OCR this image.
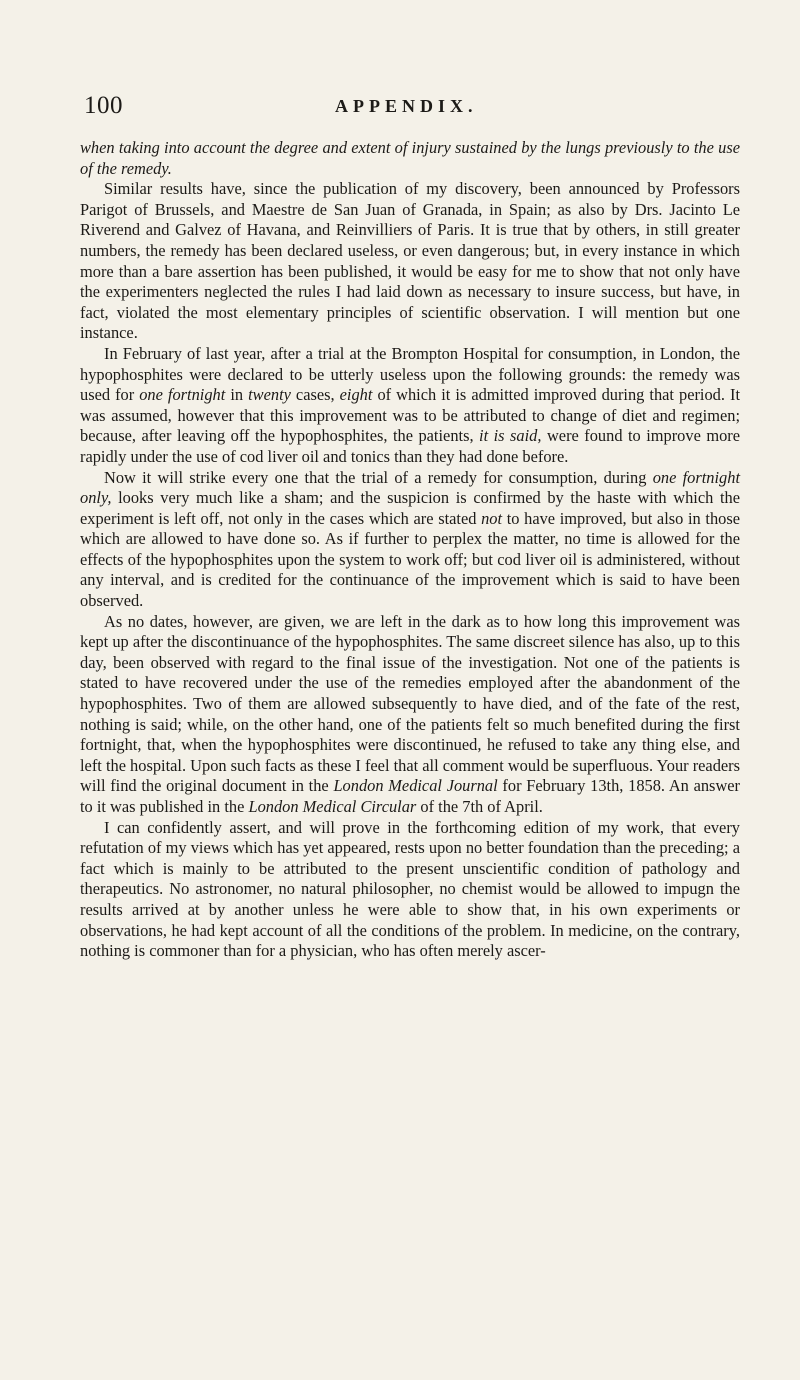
100	APPENDIX.

when taking into account the degree and extent of injury sustained by the lungs previously to the use of the remedy.

Similar results have, since the publication of my discovery, been announced by Professors Parigot of Brussels, and Maestre de San Juan of Granada, in Spain; as also by Drs. Jacinto Le Riverend and Galvez of Havana, and Reinvilliers of Paris. It is true that by others, in still greater numbers, the remedy has been declared useless, or even dangerous; but, in every instance in which more than a bare assertion has been published, it would be easy for me to show that not only have the experimenters neglected the rules I had laid down as necessary to insure success, but have, in fact, violated the most elementary principles of scientific observation. I will mention but one instance.

In February of last year, after a trial at the Brompton Hospital for consumption, in London, the hypophosphites were declared to be utterly useless upon the following grounds: the remedy was used for one fortnight in twenty cases, eight of which it is admitted improved during that period. It was assumed, however that this improvement was to be attributed to change of diet and regimen; because, after leaving off the hypophosphites, the patients, it is said, were found to improve more rapidly under the use of cod liver oil and tonics than they had done before.

Now it will strike every one that the trial of a remedy for consumption, during one fortnight only, looks very much like a sham; and the suspicion is confirmed by the haste with which the experiment is left off, not only in the cases which are stated not to have improved, but also in those which are allowed to have done so. As if further to perplex the matter, no time is allowed for the effects of the hypophosphites upon the system to work off; but cod liver oil is administered, without any interval, and is credited for the continuance of the improvement which is said to have been observed.

As no dates, however, are given, we are left in the dark as to how long this improvement was kept up after the discontinuance of the hypophosphites. The same discreet silence has also, up to this day, been observed with regard to the final issue of the investigation. Not one of the patients is stated to have recovered under the use of the remedies employed after the abandonment of the hypophosphites. Two of them are allowed subsequently to have died, and of the fate of the rest, nothing is said; while, on the other hand, one of the patients felt so much benefited during the first fortnight, that, when the hypophosphites were discontinued, he refused to take any thing else, and left the hospital. Upon such facts as these I feel that all comment would be superfluous. Your readers will find the original document in the London Medical Journal for February 13th, 1858. An answer to it was published in the London Medical Circular of the 7th of April.

I can confidently assert, and will prove in the forthcoming edition of my work, that every refutation of my views which has yet appeared, rests upon no better foundation than the preceding; a fact which is mainly to be attributed to the present unscientific condition of pathology and therapeutics. No astronomer, no natural philosopher, no chemist would be allowed to impugn the results arrived at by another unless he were able to show that, in his own experiments or observations, he had kept account of all the conditions of the problem. In medicine, on the contrary, nothing is commoner than for a physician, who has often merely ascer-
